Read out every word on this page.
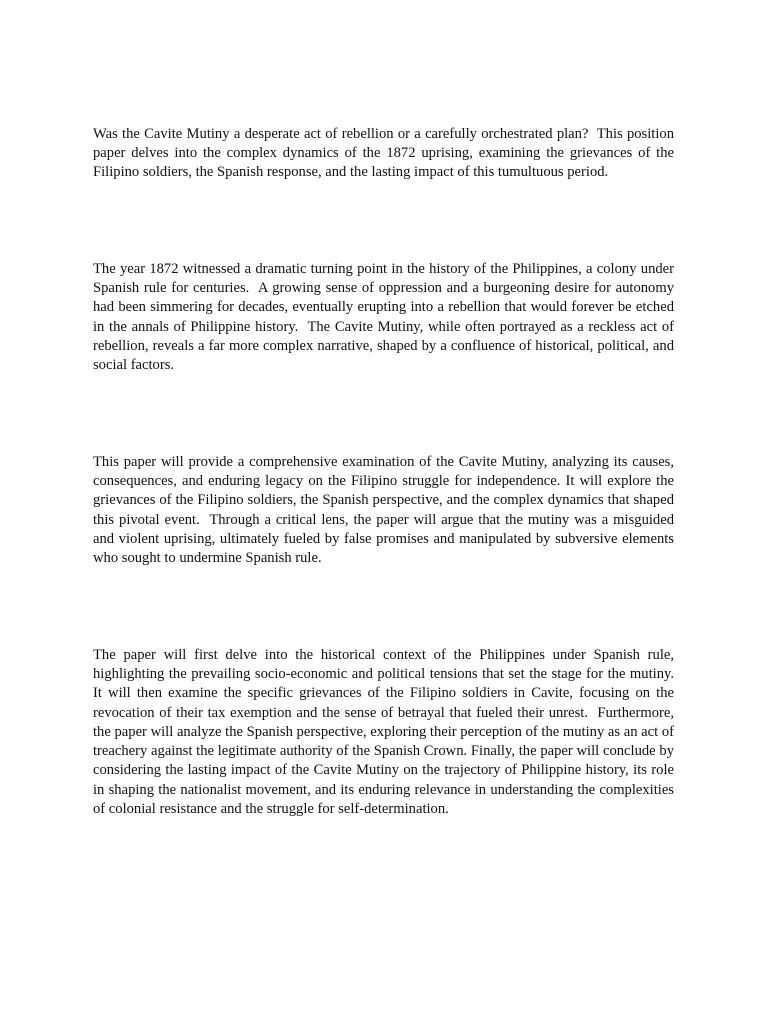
Was the Cavite Mutiny a desperate act of rebellion or a carefully orchestrated plan?  This position paper delves into the complex dynamics of the 1872 uprising, examining the grievances of the Filipino soldiers, the Spanish response, and the lasting impact of this tumultuous period.

The year 1872 witnessed a dramatic turning point in the history of the Philippines, a colony under Spanish rule for centuries.  A growing sense of oppression and a burgeoning desire for autonomy had been simmering for decades, eventually erupting into a rebellion that would forever be etched in the annals of Philippine history.  The Cavite Mutiny, while often portrayed as a reckless act of rebellion, reveals a far more complex narrative, shaped by a confluence of historical, political, and social factors.

This paper will provide a comprehensive examination of the Cavite Mutiny, analyzing its causes, consequences, and enduring legacy on the Filipino struggle for independence. It will explore the grievances of the Filipino soldiers, the Spanish perspective, and the complex dynamics that shaped this pivotal event.  Through a critical lens, the paper will argue that the mutiny was a misguided and violent uprising, ultimately fueled by false promises and manipulated by subversive elements who sought to undermine Spanish rule.

The paper will first delve into the historical context of the Philippines under Spanish rule, highlighting the prevailing socio-economic and political tensions that set the stage for the mutiny.  It will then examine the specific grievances of the Filipino soldiers in Cavite, focusing on the revocation of their tax exemption and the sense of betrayal that fueled their unrest.  Furthermore, the paper will analyze the Spanish perspective, exploring their perception of the mutiny as an act of treachery against the legitimate authority of the Spanish Crown. Finally, the paper will conclude by considering the lasting impact of the Cavite Mutiny on the trajectory of Philippine history, its role in shaping the nationalist movement, and its enduring relevance in understanding the complexities of colonial resistance and the struggle for self-determination.
